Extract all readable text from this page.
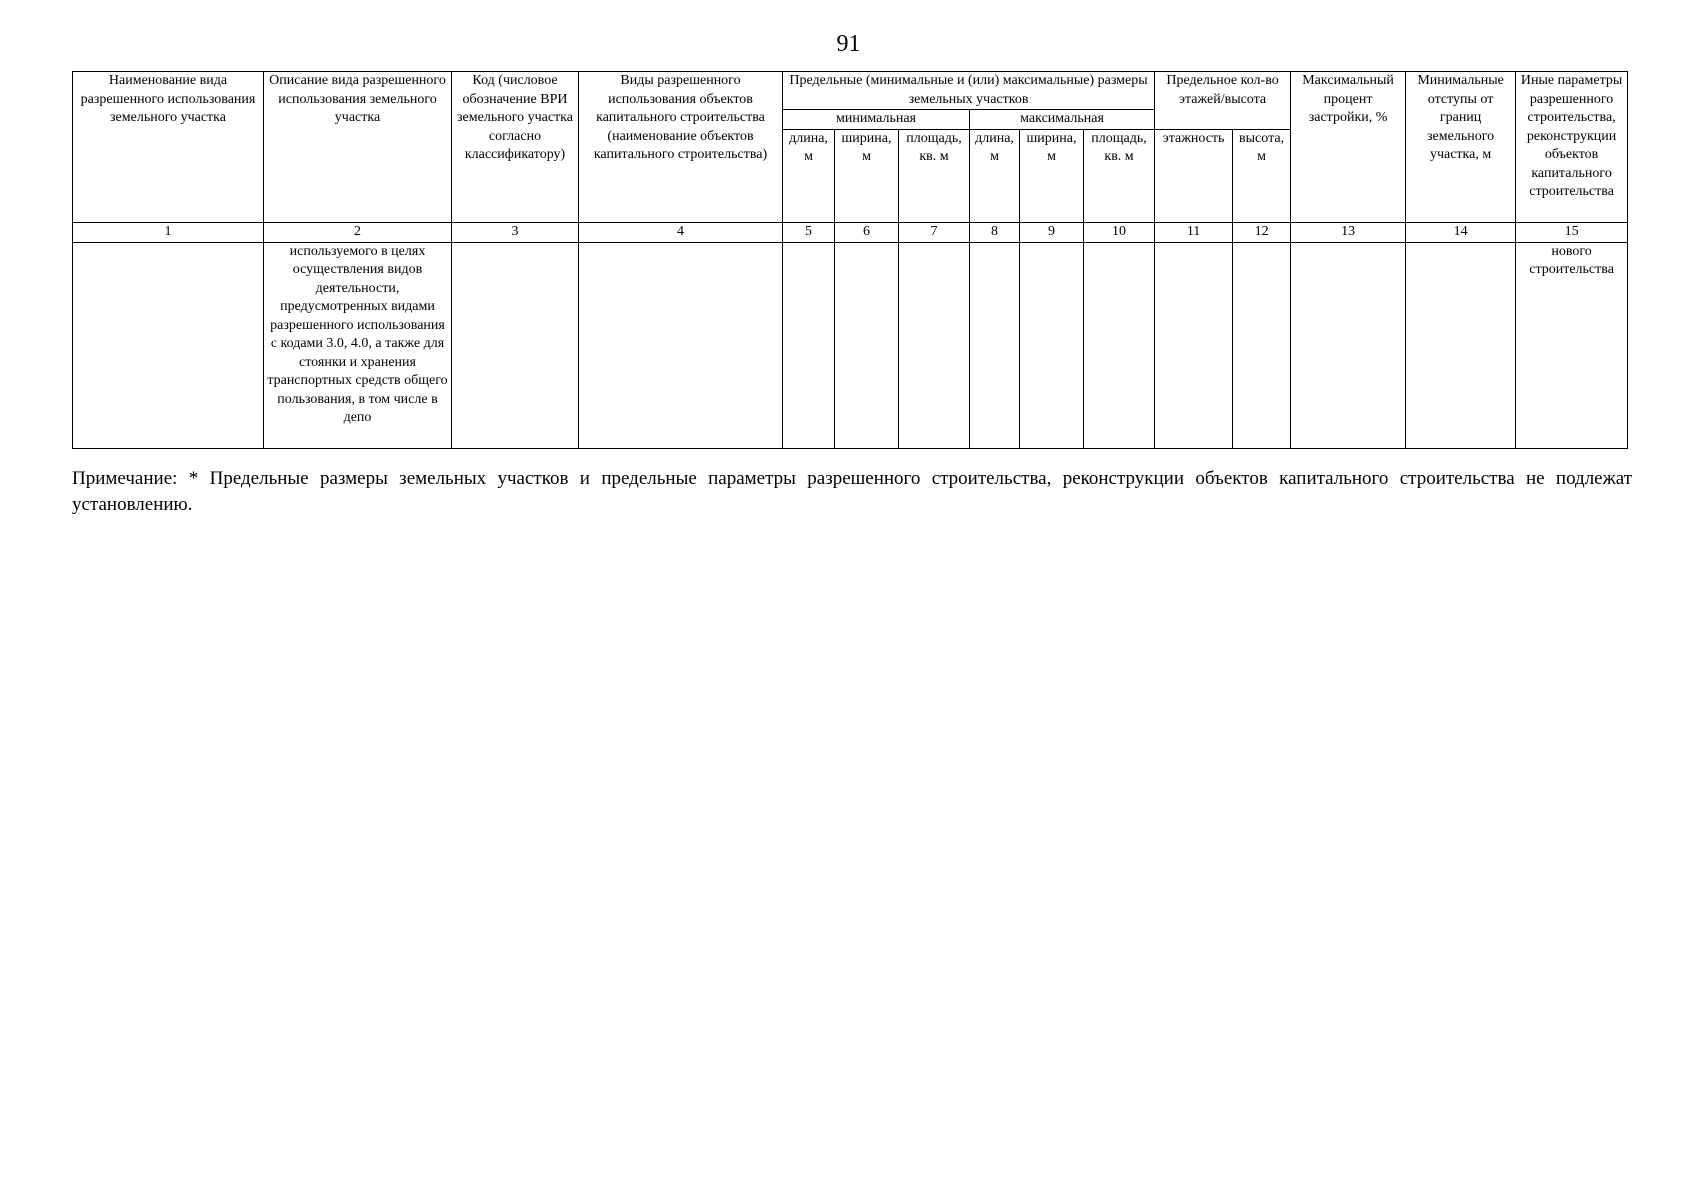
91
Наименование вида разрешенного использования земельного участка	Описание вида разрешенного использования земельного участка	Код (числовое обозначение ВРИ земельного участка согласно классификатору)	Виды разрешенного использования объектов капитального строительства (наименование объектов капитального строительства)	Предельные (минимальные и (или) максимальные) размеры земельных участков						Предельное кол-во этажей/высота		Максимальный процент застройки, %	Минимальные отступы от границ земельного участка, м	Иные параметры разрешенного строительства, реконструкции объектов капитального строительства
				минимальная			максимальная							
				длина, м	ширина, м	площадь, кв. м	длина, м	ширина, м	площадь, кв. м	этажность	высота, м			
1	2	3	4	5	6	7	8	9	10	11	12	13	14	15
	используемого в целях осуществления видов деятельности, предусмотренных видами разрешенного использования с кодами 3.0, 4.0, а также для стоянки и хранения транспортных средств общего пользования, в том числе в депо													нового строительства
Примечание: * Предельные размеры земельных участков и предельные параметры разрешенного строительства, реконструкции объектов капитального строительства не подлежат установлению.
